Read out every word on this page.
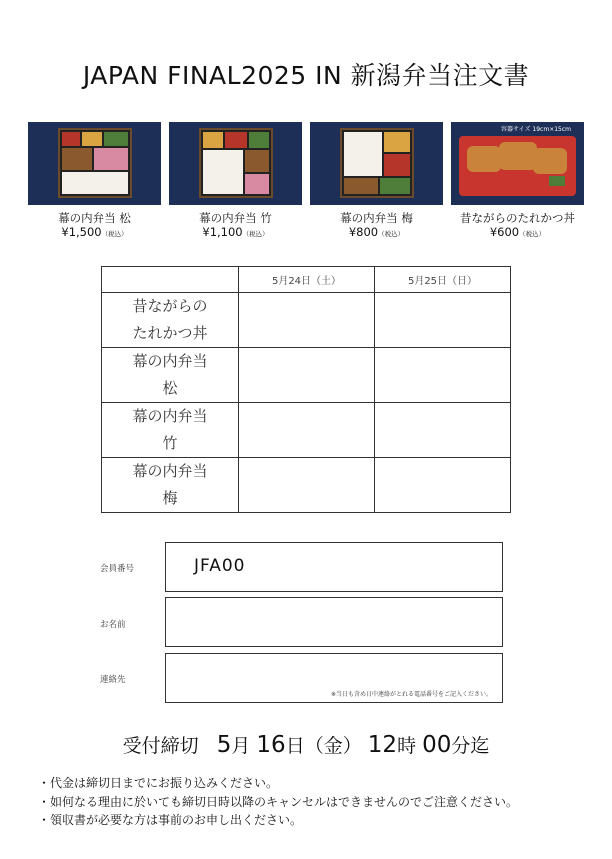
JAPAN FINAL2025 IN 新潟弁当注文書
幕の内弁当 松
¥1,500（税込）
幕の内弁当 竹
¥1,100（税込）
幕の内弁当 梅
¥800（税込）
容器サイズ 19cm×15cm
昔ながらのたれかつ丼
¥600（税込）
	5月24日（土）	5月25日（日）

昔ながらの
たれかつ丼		

幕の内弁当
松		

幕の内弁当
竹		

幕の内弁当
梅		

会員番号	JFA00
お名前
連絡先
※当日も含め日中連絡がとれる電話番号をご記入ください。
受付締切 5月 16日（金） 12時 00分迄
・代金は締切日までにお振り込みください。
・如何なる理由に於いても締切日時以降のキャンセルはできませんのでご注意ください。
・領収書が必要な方は事前のお申し出ください。
